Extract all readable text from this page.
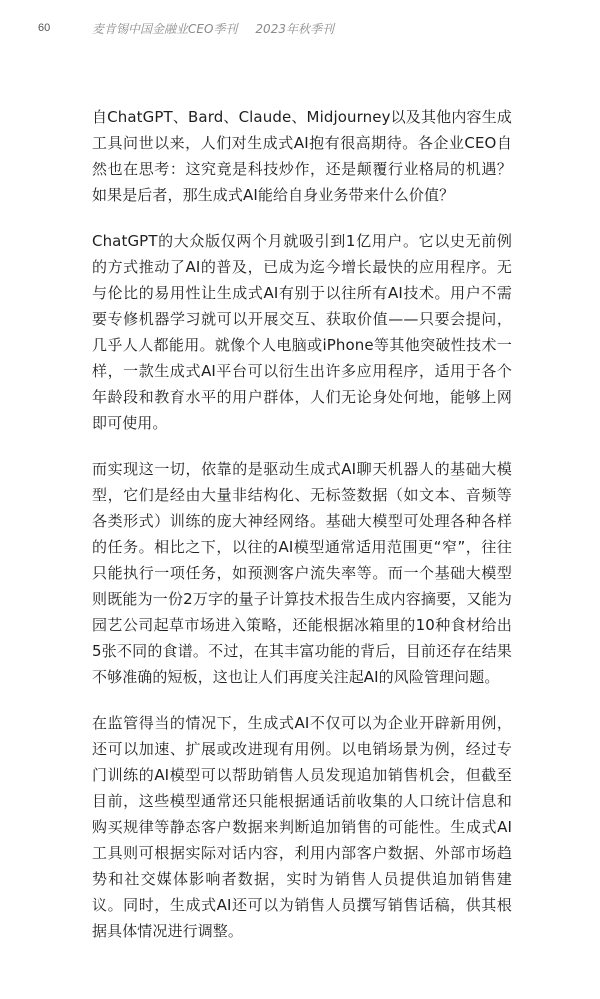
60	麦肯锡中国金融业CEO季刊 2023年秋季刊

自ChatGPT、Bard、Claude、Midjourney以及其他内容生成工具问世以来，人们对生成式AI抱有很高期待。各企业CEO自然也在思考：这究竟是科技炒作，还是颠覆行业格局的机遇？如果是后者，那生成式AI能给自身业务带来什么价值？

ChatGPT的大众版仅两个月就吸引到1亿用户。它以史无前例的方式推动了AI的普及，已成为迄今增长最快的应用程序。无与伦比的易用性让生成式AI有别于以往所有AI技术。用户不需要专修机器学习就可以开展交互、获取价值——只要会提问，几乎人人都能用。就像个人电脑或iPhone等其他突破性技术一样，一款生成式AI平台可以衍生出许多应用程序，适用于各个年龄段和教育水平的用户群体，人们无论身处何地，能够上网即可使用。

而实现这一切，依靠的是驱动生成式AI聊天机器人的基础大模型，它们是经由大量非结构化、无标签数据（如文本、音频等各类形式）训练的庞大神经网络。基础大模型可处理各种各样的任务。相比之下，以往的AI模型通常适用范围更“窄”，往往只能执行一项任务，如预测客户流失率等。而一个基础大模型则既能为一份2万字的量子计算技术报告生成内容摘要，又能为园艺公司起草市场进入策略，还能根据冰箱里的10种食材给出5张不同的食谱。不过，在其丰富功能的背后，目前还存在结果不够准确的短板，这也让人们再度关注起AI的风险管理问题。

在监管得当的情况下，生成式AI不仅可以为企业开辟新用例，还可以加速、扩展或改进现有用例。以电销场景为例，经过专门训练的AI模型可以帮助销售人员发现追加销售机会，但截至目前，这些模型通常还只能根据通话前收集的人口统计信息和购买规律等静态客户数据来判断追加销售的可能性。生成式AI工具则可根据实际对话内容，利用内部客户数据、外部市场趋势和社交媒体影响者数据，实时为销售人员提供追加销售建议。同时，生成式AI还可以为销售人员撰写销售话稿，供其根据具体情况进行调整。
